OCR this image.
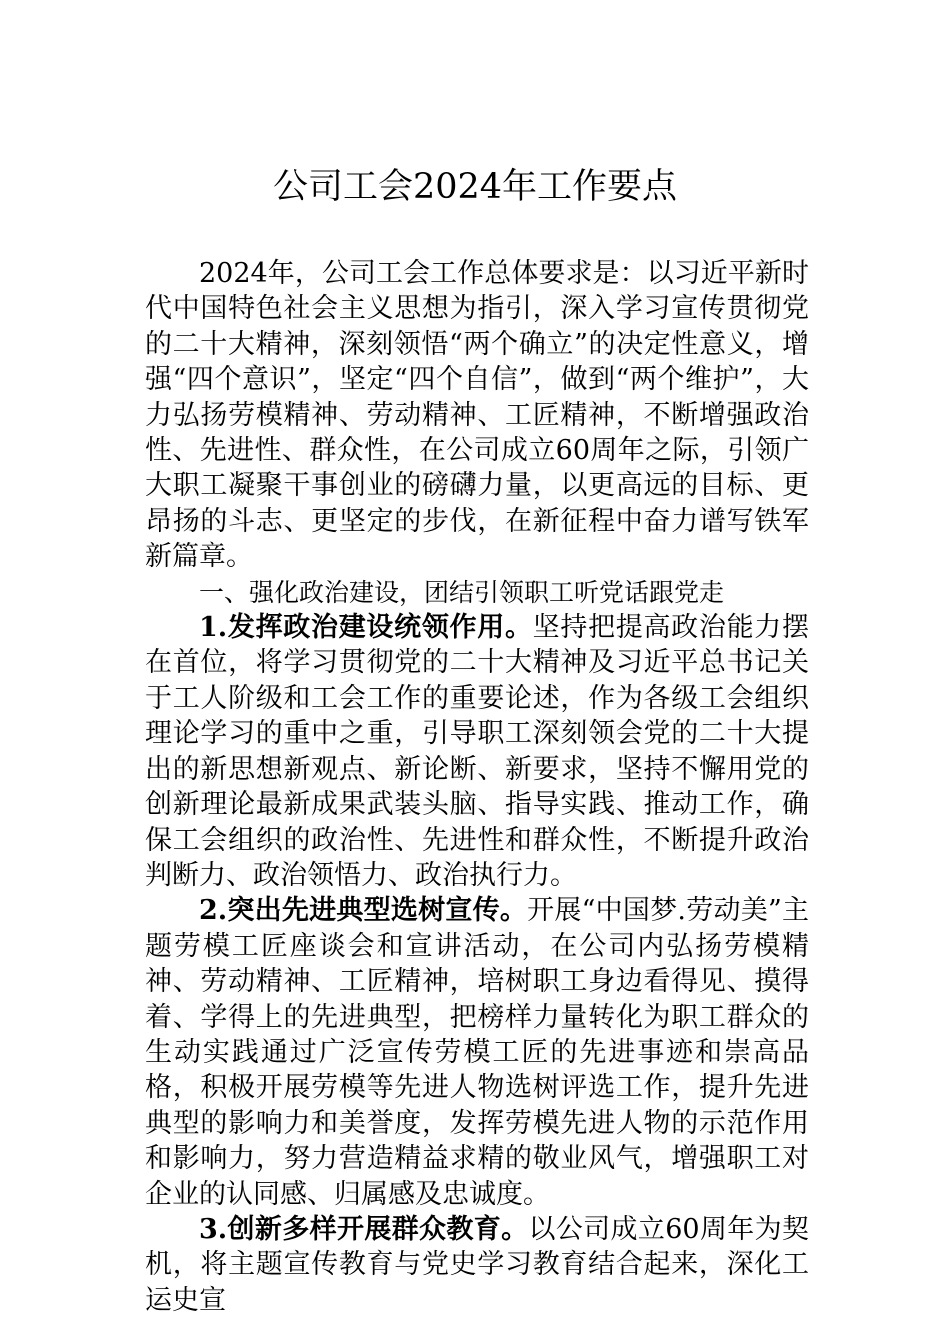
公司工会2024年工作要点

2024年，公司工会工作总体要求是：以习近平新时代中国特色社会主义思想为指引，深入学习宣传贯彻党的二十大精神，深刻领悟“两个确立”的决定性意义，增强“四个意识”，坚定“四个自信”，做到“两个维护”，大力弘扬劳模精神、劳动精神、工匠精神，不断增强政治性、先进性、群众性，在公司成立60周年之际，引领广大职工凝聚干事创业的磅礴力量，以更高远的目标、更昂扬的斗志、更坚定的步伐，在新征程中奋力谱写铁军新篇章。

一、强化政治建设，团结引领职工听党话跟党走

1.发挥政治建设统领作用。坚持把提高政治能力摆在首位，将学习贯彻党的二十大精神及习近平总书记关于工人阶级和工会工作的重要论述，作为各级工会组织理论学习的重中之重，引导职工深刻领会党的二十大提出的新思想新观点、新论断、新要求，坚持不懈用党的创新理论最新成果武装头脑、指导实践、推动工作，确保工会组织的政治性、先进性和群众性，不断提升政治判断力、政治领悟力、政治执行力。

2.突出先进典型选树宣传。开展“中国梦.劳动美”主题劳模工匠座谈会和宣讲活动，在公司内弘扬劳模精神、劳动精神、工匠精神，培树职工身边看得见、摸得着、学得上的先进典型，把榜样力量转化为职工群众的生动实践通过广泛宣传劳模工匠的先进事迹和崇高品格，积极开展劳模等先进人物选树评选工作，提升先进典型的影响力和美誉度，发挥劳模先进人物的示范作用和影响力，努力营造精益求精的敬业风气，增强职工对企业的认同感、归属感及忠诚度。

3.创新多样开展群众教育。以公司成立60周年为契机，将主题宣传教育与党史学习教育结合起来，深化工运史宣
